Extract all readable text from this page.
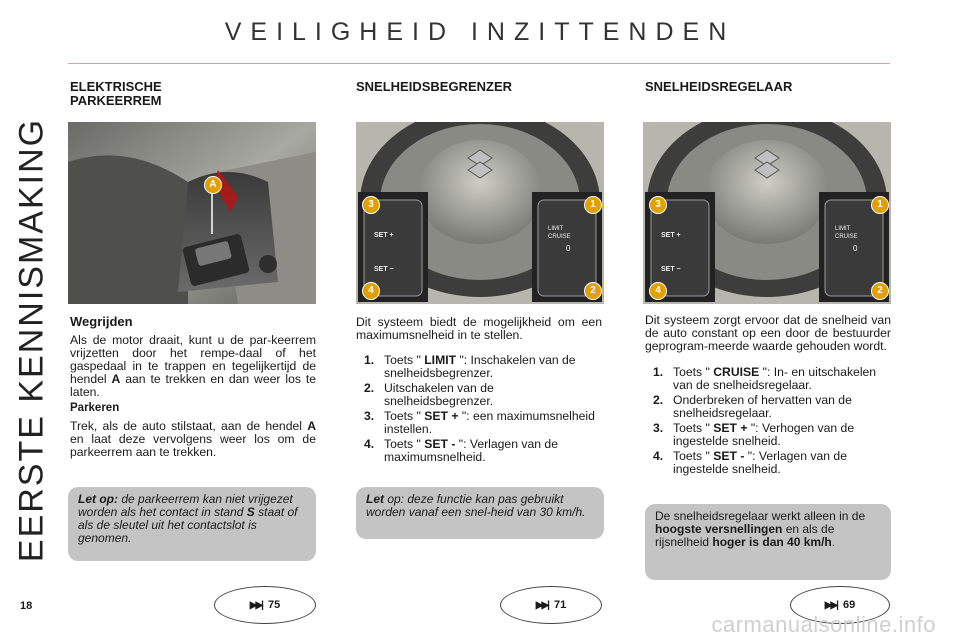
VEILIGHEID INZITTENDEN
EERSTE KENNISMAKING
18
ELEKTRISCHE PARKEERREM
A
Wegrijden
Als de motor draait, kunt u de par-keerrem vrijzetten door het rempe-daal of het gaspedaal in te trappen en tegelijkertijd de hendel A aan te trekken en dan weer los te laten.
Parkeren
Trek, als de auto stilstaat, aan de hendel A en laat deze vervolgens weer los om de parkeerrem aan te trekken.
Let op: de parkeerrem kan niet vrijgezet worden als het contact in stand S staat of als de sleutel uit het contactslot is genomen.
▶▶| 75
SNELHEIDSBEGRENZER
SET +
SET −
LIMIT
CRUISE
0
3	1
4	2
Dit systeem biedt de mogelijkheid om een maximumsnelheid in te stellen.
1. Toets " LIMIT ": Inschakelen van de snelheidsbegrenzer.
2. Uitschakelen van de snelheidsbegrenzer.
3. Toets " SET + ": een maximumsnelheid instellen.
4. Toets " SET - ": Verlagen van de maximumsnelheid.
Let op: deze functie kan pas gebruikt worden vanaf een snel-heid van 30 km/h.
▶▶| 71
SNELHEIDSREGELAAR
SET +
SET −
LIMIT
CRUISE
0
3	1
4	2
Dit systeem zorgt ervoor dat de snelheid van de auto constant op een door de bestuurder geprogram-meerde waarde gehouden wordt.
1. Toets " CRUISE ": In- en uitschakelen van de snelheidsregelaar.
2. Onderbreken of hervatten van de snelheidsregelaar.
3. Toets " SET + ": Verhogen van de ingestelde snelheid.
4. Toets " SET - ": Verlagen van de ingestelde snelheid.
De snelheidsregelaar werkt alleen in de hoogste versnellingen en als de rijsnelheid hoger is dan 40 km/h.
▶▶| 69
carmanualsonline.info
